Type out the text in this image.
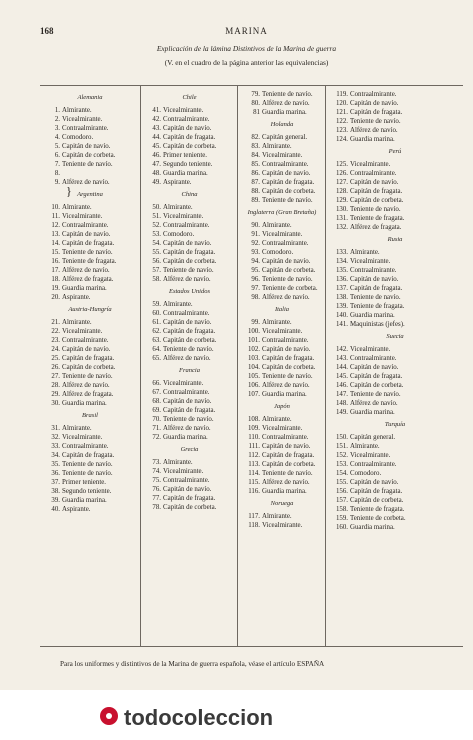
168	MARINA
Explicación de la lámina Distintivos de la Marina de guerra
(V. en el cuadro de la página anterior las equivalencias)
Alemania
1. Almirante.
2. Vicealmirante.
3. Contraalmirante.
4. Comodoro.
5. Capitán de navío.
6. Capitán de corbeta.
7. Teniente de navío.
8.
9. Alférez de navío.
Argentina
10. Almirante.
11. Vicealmirante.
12. Contraalmirante.
13. Capitán de navío.
14. Capitán de fragata.
15. Teniente de navío.
16. Teniente de fragata.
17. Alférez de navío.
18. Alférez de fragata.
19. Guardia marina.
20. Aspirante.
Austria-Hungría
21. Almirante.
22. Vicealmirante.
23. Contraalmirante.
24. Capitán de navío.
25. Capitán de fragata.
26. Capitán de corbeta.
27. Teniente de navío.
28. Alférez de navío.
29. Alférez de fragata.
30. Guardia marina.
Brasil
31. Almirante.
32. Vicealmirante.
33. Contraalmirante.
34. Capitán de fragata.
35. Teniente de navío.
36. Teniente de navío.
37. Primer teniente.
38. Segundo teniente.
39. Guardia marina.
40. Aspirante.
Chile
41. Vicealmirante.
42. Contraalmirante.
43. Capitán de navío.
44. Capitán de fragata.
45. Capitán de corbeta.
46. Primer teniente.
47. Segundo teniente.
48. Guardia marina.
49. Aspirante.
China
50. Almirante.
51. Vicealmirante.
52. Contraalmirante.
53. Comodoro.
54. Capitán de navío.
55. Capitán de fragata.
56. Capitán de corbeta.
57. Teniente de navío.
58. Alférez de navío.
Estados Unidos
59. Almirante.
60. Contraalmirante.
61. Capitán de navío.
62. Capitán de fragata.
63. Capitán de corbeta.
64. Teniente de navío.
65. Alférez de navío.
Francia
66. Vicealmirante.
67. Contraalmirante.
68. Capitán de navío.
69. Capitán de fragata.
70. Teniente de navío.
71. Alférez de navío.
72. Guardia marina.
Grecia
73. Almirante.
74. Vicealmirante.
75. Contraalmirante.
76. Capitán de navío.
77. Capitán de fragata.
78. Capitán de corbeta.
79. Teniente de navío.
80. Alférez de navío.
81 Guardia marina.
Holanda
82. Capitán general.
83. Almirante.
84. Vicealmirante.
85. Contraalmirante.
86. Capitán de navío.
87. Capitán de fragata.
88. Capitán de corbeta.
89. Teniente de navío.
Inglaterra (Gran Bretaña)
90. Almirante.
91. Vicealmirante.
92. Contraalmirante.
93. Comodoro.
94. Capitán de navío.
95. Capitán de corbeta.
96. Teniente de navío.
97. Teniente de corbeta.
98. Alférez de navío.
Italia
99. Almirante.
100. Vicealmirante.
101. Contraalmirante.
102. Capitán de navío.
103. Capitán de fragata.
104. Capitán de corbeta.
105. Teniente de navío.
106. Alférez de navío.
107. Guardia marina.
Japón
108. Almirante.
109. Vicealmirante.
110. Contraalmirante.
111. Capitán de navío.
112. Capitán de fragata.
113. Capitán de corbeta.
114. Teniente de navío.
115. Alférez de navío.
116. Guardia marina.
Noruega
117. Almirante.
118. Vicealmirante.
119. Contraalmirante.
120. Capitán de navío.
121. Capitán de fragata.
122. Teniente de navío.
123. Alférez de navío.
124. Guardia marina.
Perú
125. Vicealmirante.
126. Contraalmirante.
127. Capitán de navío.
128. Capitán de fragata.
129. Capitán de corbeta.
130. Teniente de navío.
131. Teniente de fragata.
132. Alférez de fragata.
Rusia
133. Almirante.
134. Vicealmirante.
135. Contraalmirante.
136. Capitán de navío.
137. Capitán de fragata.
138. Teniente de navío.
139. Teniente de fragata.
140. Guardia marina.
141. Maquinistas (jefes).
Suecia
142. Vicealmirante.
143. Contraalmirante.
144. Capitán de navío.
145. Capitán de fragata.
146. Capitán de corbeta.
147. Teniente de navío.
148. Alférez de navío.
149. Guardia marina.
Turquía
150. Capitán general.
151. Almirante.
152. Vicealmirante.
153. Contraalmirante.
154. Comodoro.
155. Capitán de navío.
156. Capitán de fragata.
157. Capitán de corbeta.
158. Teniente de fragata.
159. Teniente de corbeta.
160. Guardia marina.
}
Para los uniformes y distintivos de la Marina de guerra española, véase el artículo ESPAÑA
todocoleccion
